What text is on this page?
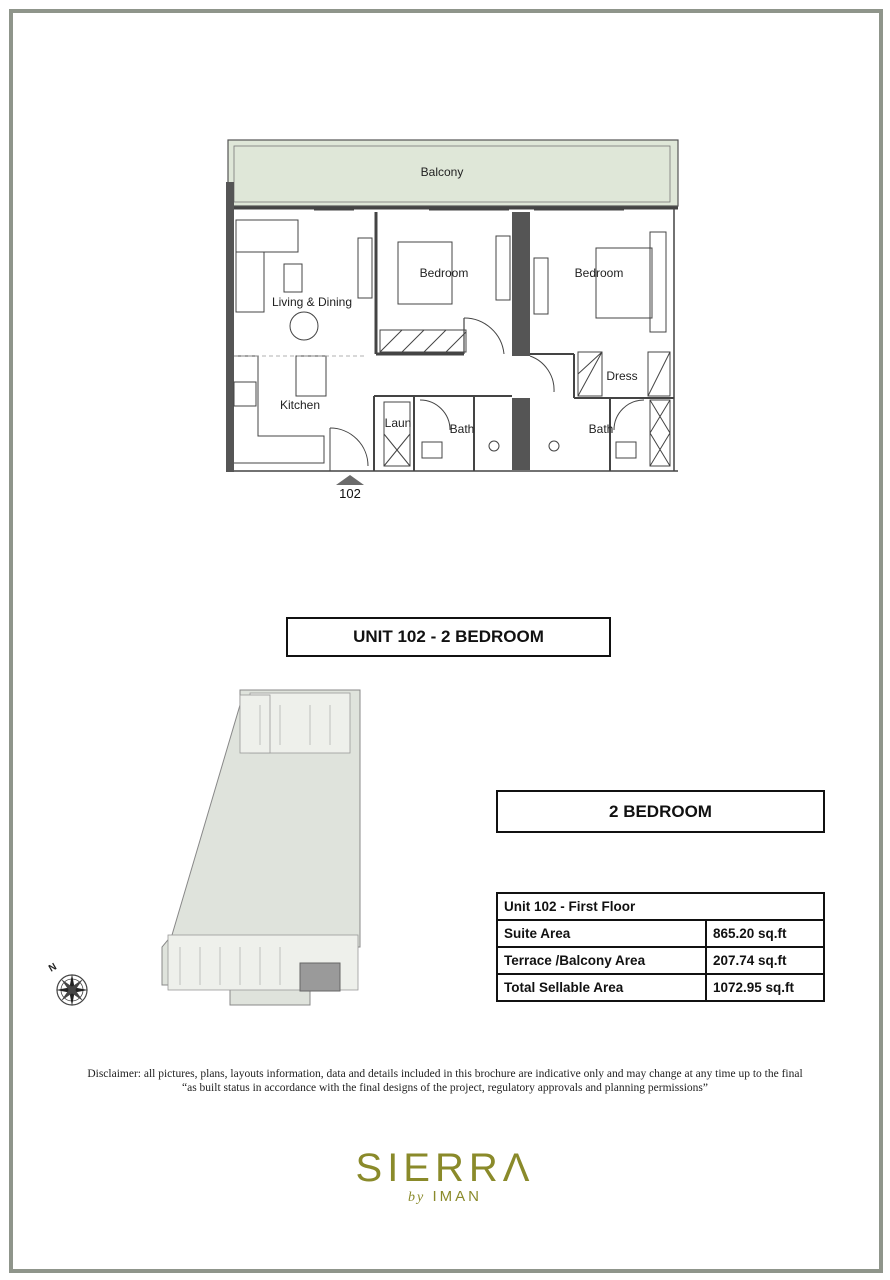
Balcony
Living & Dining
Kitchen
Bedroom	Bedroom
Dress
Laun	Bath	Bath
102
UNIT 102 - 2 BEDROOM
N
2 BEDROOM
Unit 102 - First Floor	
Suite Area	865.20 sq.ft
Terrace /Balcony Area	207.74 sq.ft
Total Sellable Area	1072.95 sq.ft
Disclaimer: all pictures, plans, layouts information, data and details included in this brochure are indicative only and may change at any time up to the final
“as built status in accordance with the final designs of the project, regulatory approvals and planning permissions”
SIERRΛ
by IMAN
